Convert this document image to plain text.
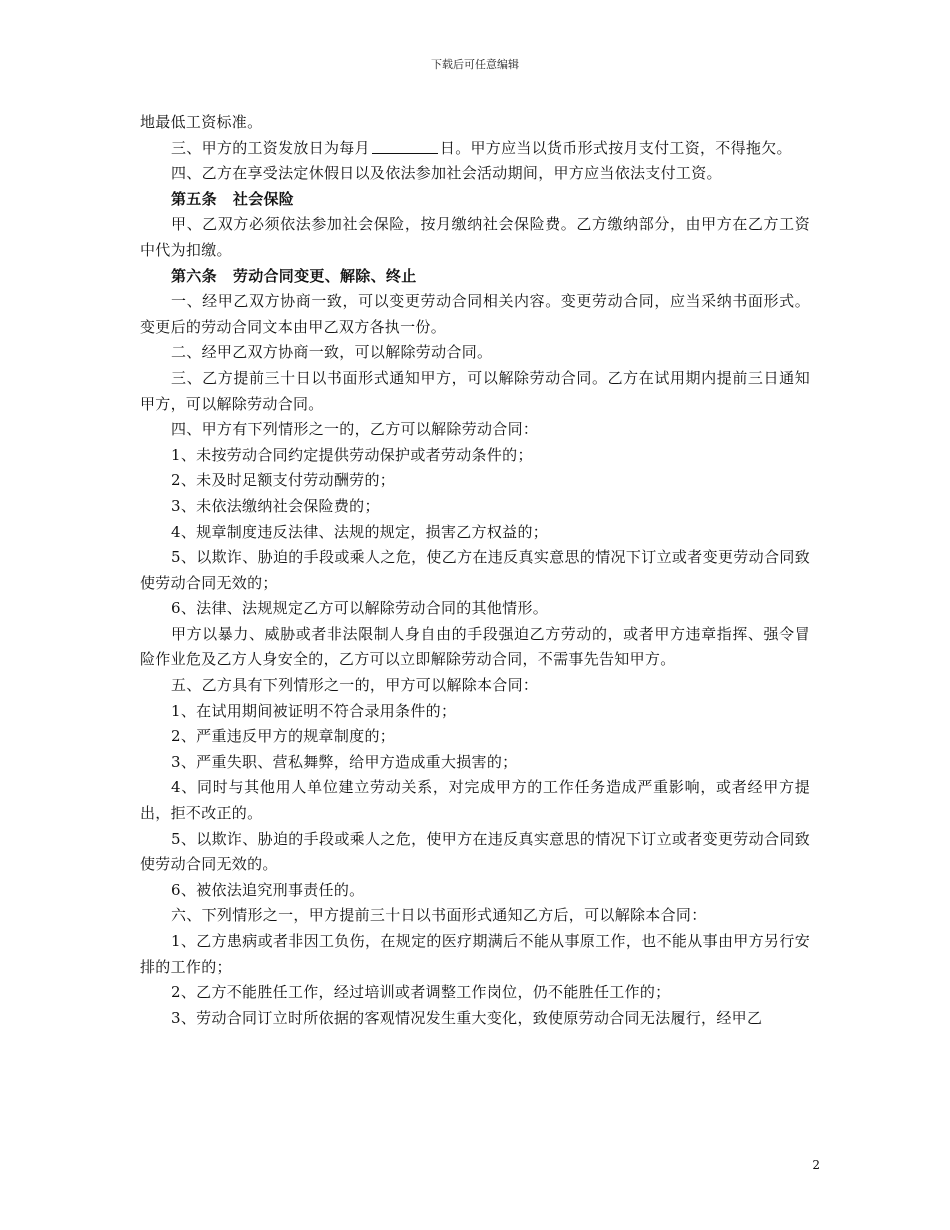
下载后可任意编辑

地最低工资标准。

三、甲方的工资发放日为每月	日。甲方应当以货币形式按月支付工资，不得拖欠。

四、乙方在享受法定休假日以及依法参加社会活动期间，甲方应当依法支付工资。

第五条 社会保险

甲、乙双方必须依法参加社会保险，按月缴纳社会保险费。乙方缴纳部分，由甲方在乙方工资中代为扣缴。

第六条 劳动合同变更、解除、终止

一、经甲乙双方协商一致，可以变更劳动合同相关内容。变更劳动合同，应当采纳书面形式。变更后的劳动合同文本由甲乙双方各执一份。

二、经甲乙双方协商一致，可以解除劳动合同。

三、乙方提前三十日以书面形式通知甲方，可以解除劳动合同。乙方在试用期内提前三日通知甲方，可以解除劳动合同。

四、甲方有下列情形之一的，乙方可以解除劳动合同：

1、未按劳动合同约定提供劳动保护或者劳动条件的；

2、未及时足额支付劳动酬劳的；

3、未依法缴纳社会保险费的；

4、规章制度违反法律、法规的规定，损害乙方权益的；

5、以欺诈、胁迫的手段或乘人之危，使乙方在违反真实意思的情况下订立或者变更劳动合同致使劳动合同无效的；

6、法律、法规规定乙方可以解除劳动合同的其他情形。

甲方以暴力、威胁或者非法限制人身自由的手段强迫乙方劳动的，或者甲方违章指挥、强令冒险作业危及乙方人身安全的，乙方可以立即解除劳动合同，不需事先告知甲方。

五、乙方具有下列情形之一的，甲方可以解除本合同：

1、在试用期间被证明不符合录用条件的；

2、严重违反甲方的规章制度的；

3、严重失职、营私舞弊，给甲方造成重大损害的；

4、同时与其他用人单位建立劳动关系，对完成甲方的工作任务造成严重影响，或者经甲方提出，拒不改正的。

5、以欺诈、胁迫的手段或乘人之危，使甲方在违反真实意思的情况下订立或者变更劳动合同致使劳动合同无效的。

6、被依法追究刑事责任的。

六、下列情形之一，甲方提前三十日以书面形式通知乙方后，可以解除本合同：

1、乙方患病或者非因工负伤，在规定的医疗期满后不能从事原工作，也不能从事由甲方另行安排的工作的；

2、乙方不能胜任工作，经过培训或者调整工作岗位，仍不能胜任工作的；

3、劳动合同订立时所依据的客观情况发生重大变化，致使原劳动合同无法履行，经甲乙

2
